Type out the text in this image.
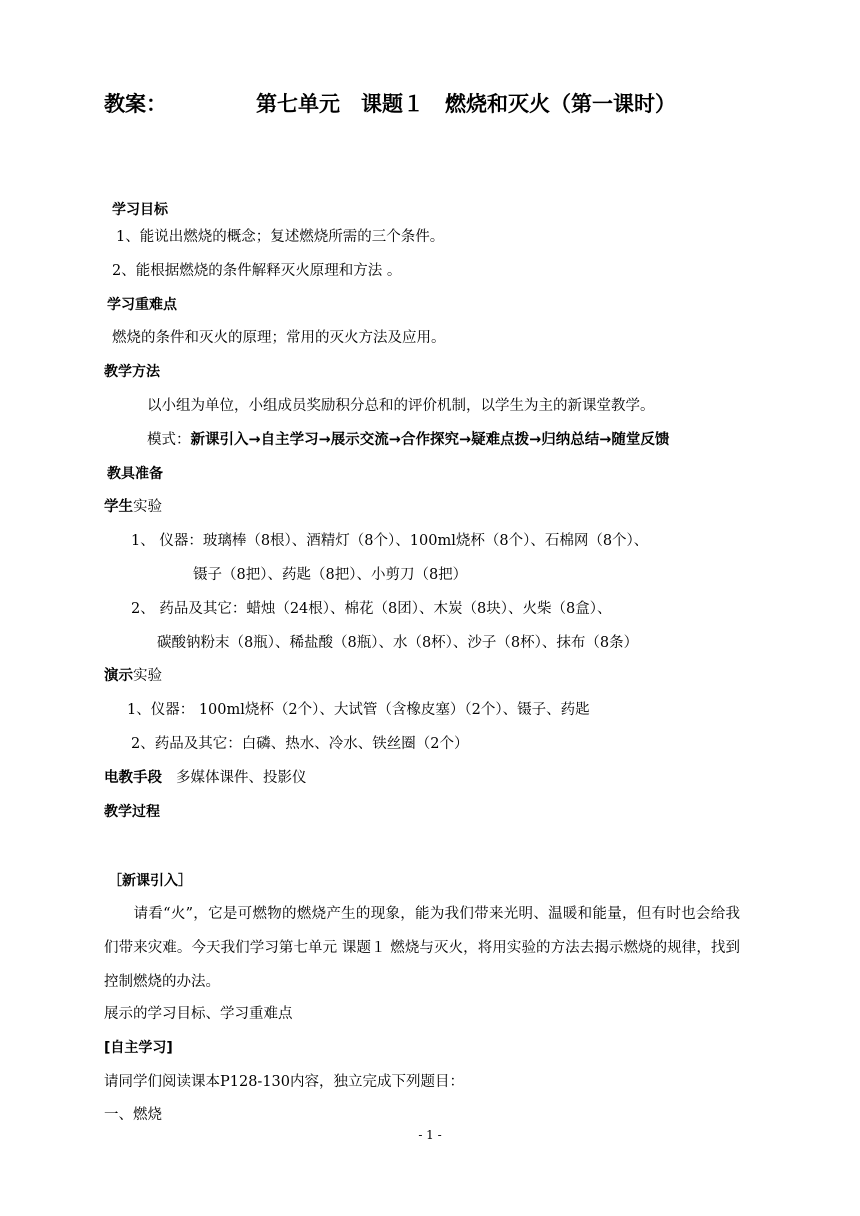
教案：	第七单元　课题１　燃烧和灭火（第一课时）
学习目标
1、能说出燃烧的概念；复述燃烧所需的三个条件。
2、能根据燃烧的条件解释灭火原理和方法 。
学习重难点
燃烧的条件和灭火的原理；常用的灭火方法及应用。
教学方法
以小组为单位，小组成员奖励积分总和的评价机制，以学生为主的新课堂教学。
模式：新课引入→自主学习→展示交流→合作探究→疑难点拨→归纳总结→随堂反馈
教具准备
学生实验
1、 仪器：玻璃棒（8根）、酒精灯（8个）、100ml烧杯（8个）、石棉网（8个）、
镊子（8把）、药匙（8把）、小剪刀（8把）
2、 药品及其它：蜡烛（24根）、棉花（8团）、木炭（8块）、火柴（8盒）、
碳酸钠粉末（8瓶）、稀盐酸（8瓶）、水（8杯）、沙子（8杯）、抹布（8条）
演示实验
1、仪器： 100ml烧杯（2个）、大试管（含橡皮塞）（2个）、镊子、药匙
2、药品及其它：白磷、热水、冷水、铁丝圈（2个）
电教手段 多媒体课件、投影仪
教学过程
［新课引入］
　　请看“火”，它是可燃物的燃烧产生的现象，能为我们带来光明、温暖和能量，但有时也会给我们带来灾难。今天我们学习第七单元 课题１ 燃烧与灭火，将用实验的方法去揭示燃烧的规律，找到控制燃烧的办法。
展示的学习目标、学习重难点
[自主学习]
请同学们阅读课本P128-130内容，独立完成下列题目：
一、燃烧
- 1 -
